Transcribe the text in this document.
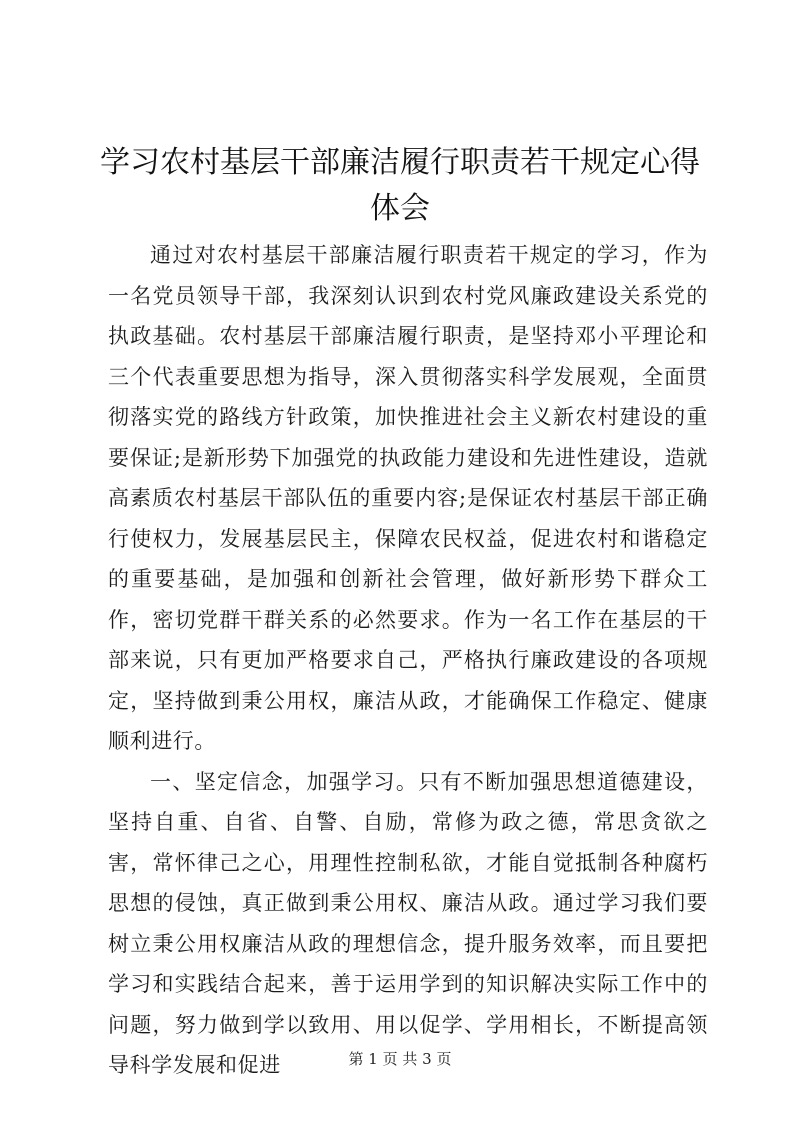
学习农村基层干部廉洁履行职责若干规定心得体会

通过对农村基层干部廉洁履行职责若干规定的学习，作为一名党员领导干部，我深刻认识到农村党风廉政建设关系党的执政基础。农村基层干部廉洁履行职责，是坚持邓小平理论和三个代表重要思想为指导，深入贯彻落实科学发展观，全面贯彻落实党的路线方针政策，加快推进社会主义新农村建设的重要保证;是新形势下加强党的执政能力建设和先进性建设，造就高素质农村基层干部队伍的重要内容;是保证农村基层干部正确行使权力，发展基层民主，保障农民权益，促进农村和谐稳定的重要基础，是加强和创新社会管理，做好新形势下群众工作，密切党群干群关系的必然要求。作为一名工作在基层的干部来说，只有更加严格要求自己，严格执行廉政建设的各项规定，坚持做到秉公用权，廉洁从政，才能确保工作稳定、健康顺利进行。

一、坚定信念，加强学习。只有不断加强思想道德建设，坚持自重、自省、自警、自励，常修为政之德，常思贪欲之害，常怀律己之心，用理性控制私欲，才能自觉抵制各种腐朽思想的侵蚀，真正做到秉公用权、廉洁从政。通过学习我们要树立秉公用权廉洁从政的理想信念，提升服务效率，而且要把学习和实践结合起来，善于运用学到的知识解决实际工作中的问题，努力做到学以致用、用以促学、学用相长，不断提高领导科学发展和促进	第 1 页 共 3 页
